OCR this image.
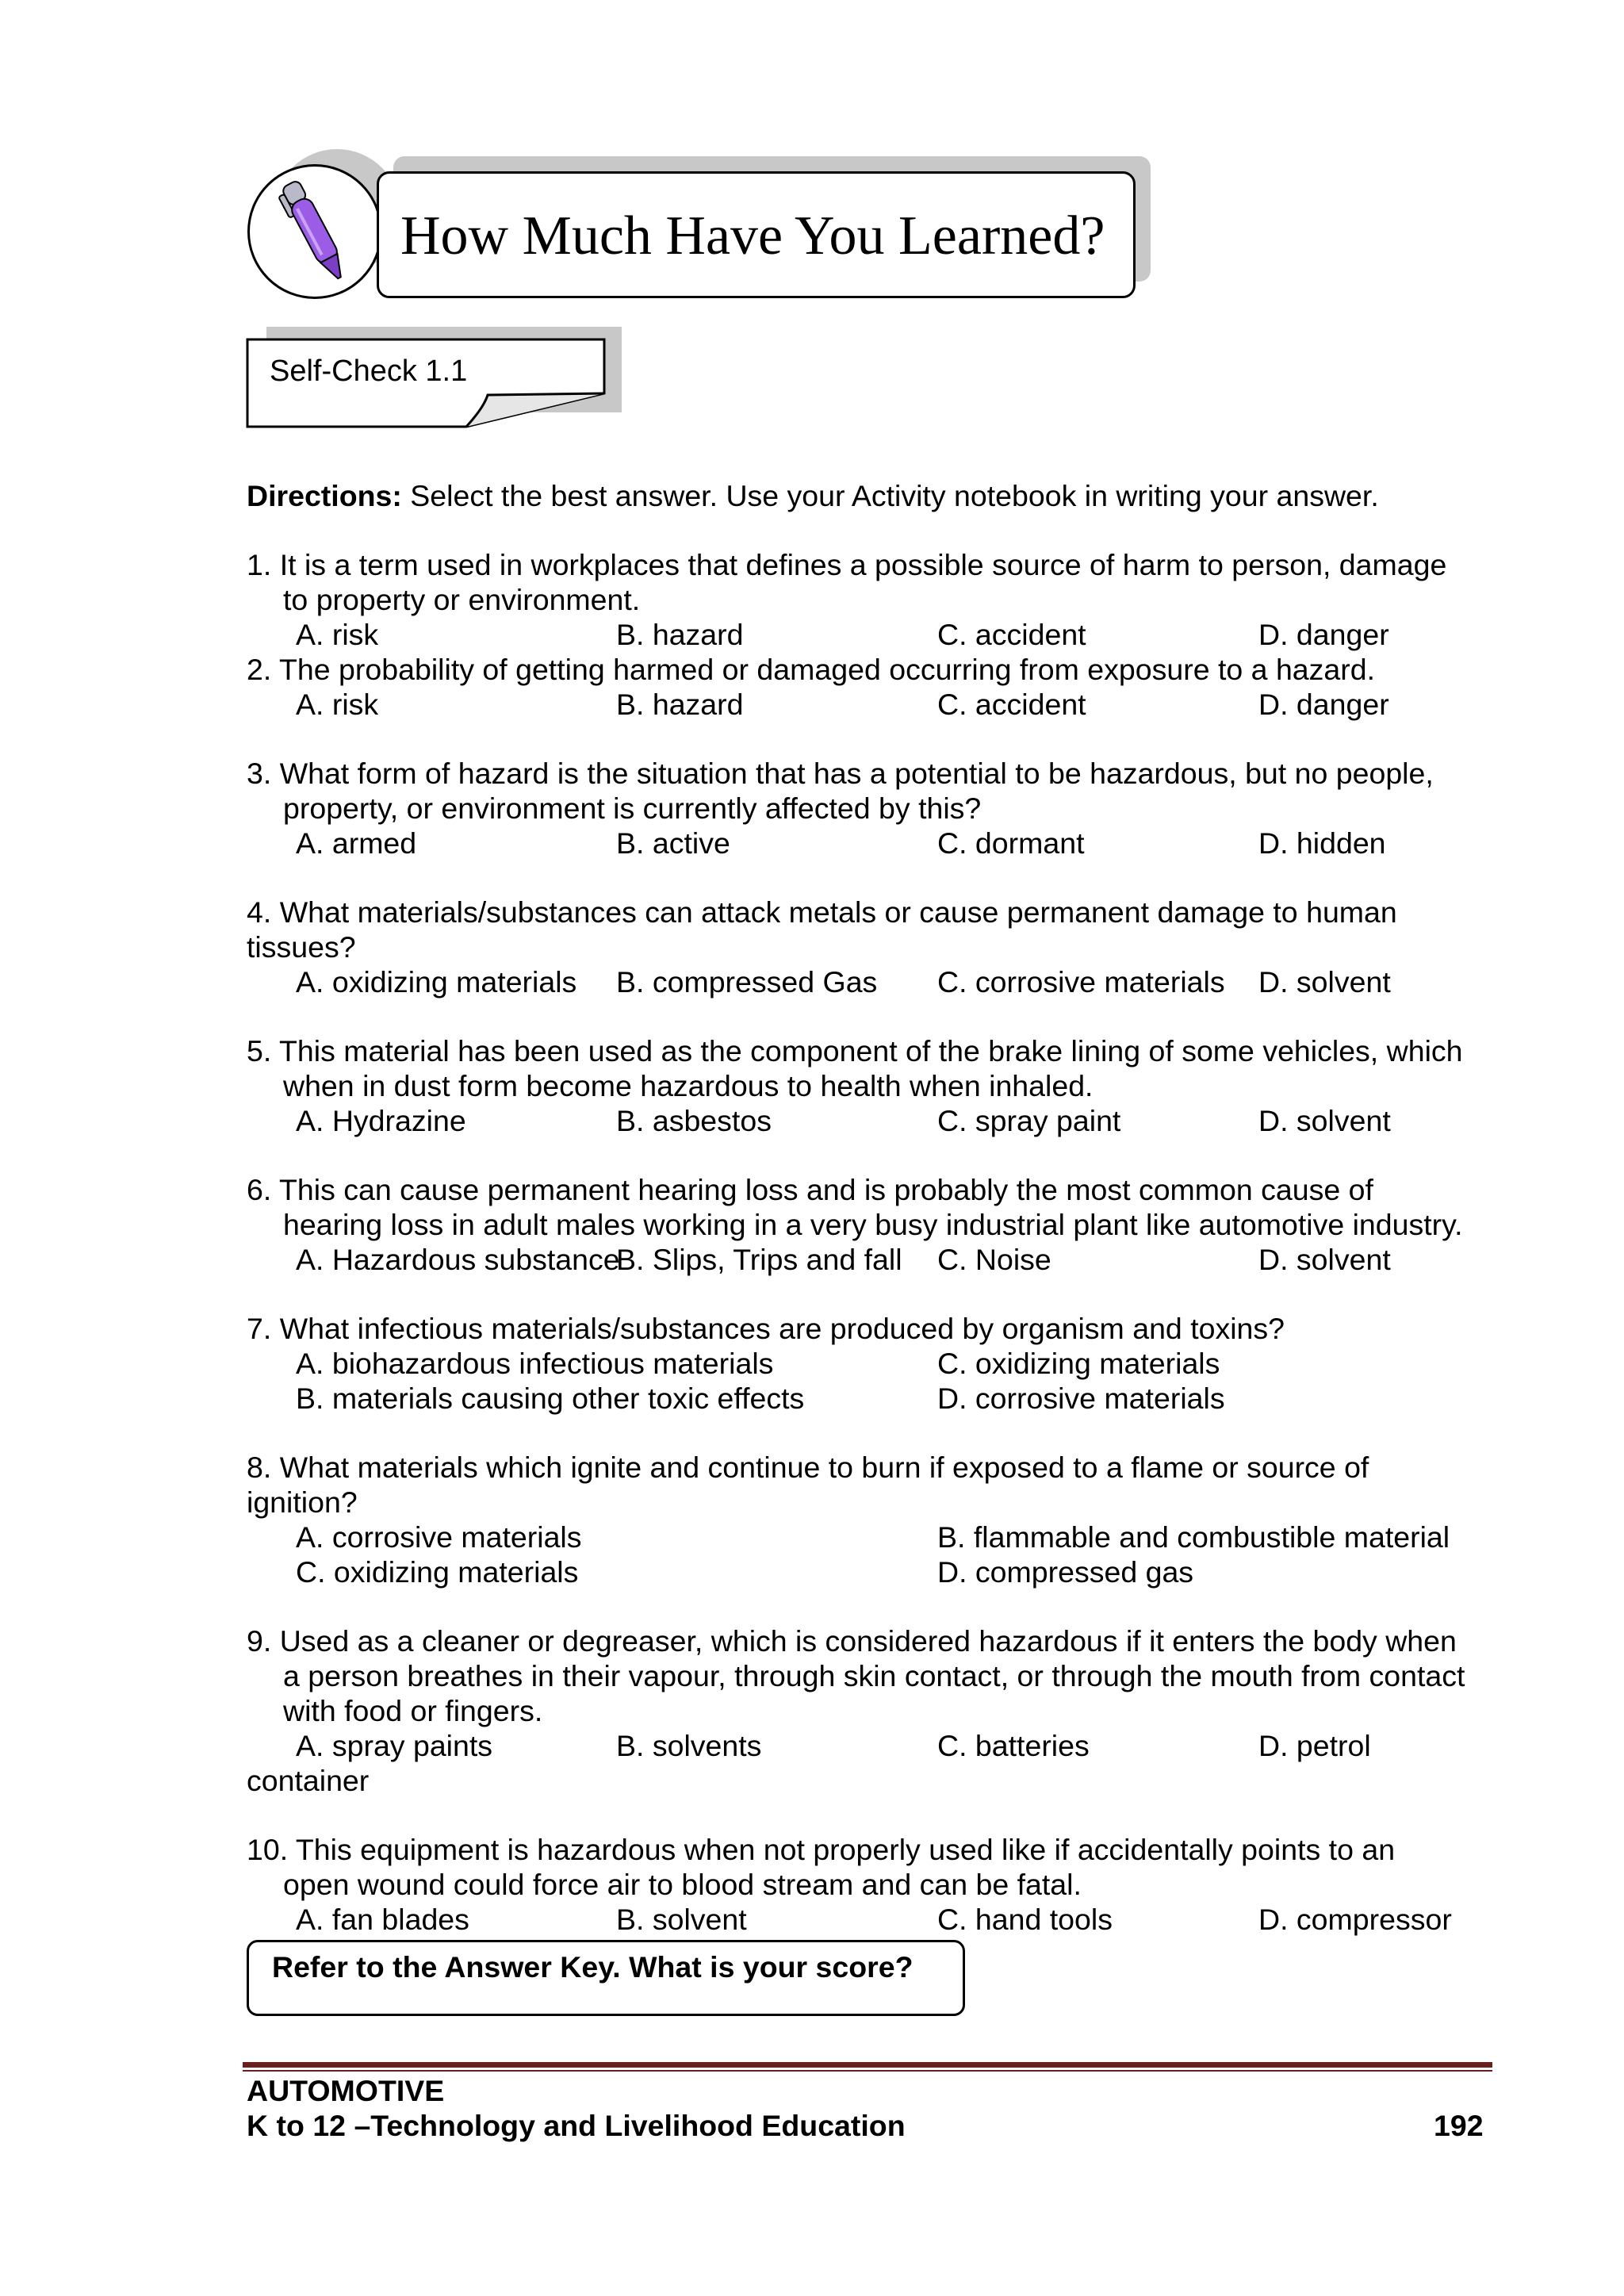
How Much Have You Learned?
Self-Check 1.1
Directions: Select the best answer. Use your Activity notebook in writing your answer.
1. It is a term used in workplaces that defines a possible source of harm to person, damage
to property or environment.
A. risk	B. hazard	C. accident	D. danger
2. The probability of getting harmed or damaged occurring from exposure to a hazard.
A. risk	B. hazard	C. accident	D. danger
3. What form of hazard is the situation that has a potential to be hazardous, but no people,
property, or environment is currently affected by this?
A. armed	B. active	C. dormant	D. hidden
4. What materials/substances can attack metals or cause permanent damage to human
tissues?
A. oxidizing materials B. compressed Gas C. corrosive materials D. solvent
5. This material has been used as the component of the brake lining of some vehicles, which
when in dust form become hazardous to health when inhaled.
A. Hydrazine	B. asbestos	C. spray paint	D. solvent
6. This can cause permanent hearing loss and is probably the most common cause of
hearing loss in adult males working in a very busy industrial plant like automotive industry.
A. Hazardous substance
B. Slips, Trips and fall C. Noise	D. solvent
7. What infectious materials/substances are produced by organism and toxins?
A. biohazardous infectious materials	C. oxidizing materials
B. materials causing other toxic effects	D. corrosive materials
8. What materials which ignite and continue to burn if exposed to a flame or source of
ignition?
A. corrosive materials	B. flammable and combustible material
C. oxidizing materials	D. compressed gas
9. Used as a cleaner or degreaser, which is considered hazardous if it enters the body when
a person breathes in their vapour, through skin contact, or through the mouth from contact
with food or fingers.
A. spray paints	B. solvents	C. batteries	D. petrol
container
10. This equipment is hazardous when not properly used like if accidentally points to an
open wound could force air to blood stream and can be fatal.
A. fan blades	B. solvent	C. hand tools	D. compressor
Refer to the Answer Key. What is your score?
AUTOMOTIVE
K to 12 –Technology and Livelihood Education	192
